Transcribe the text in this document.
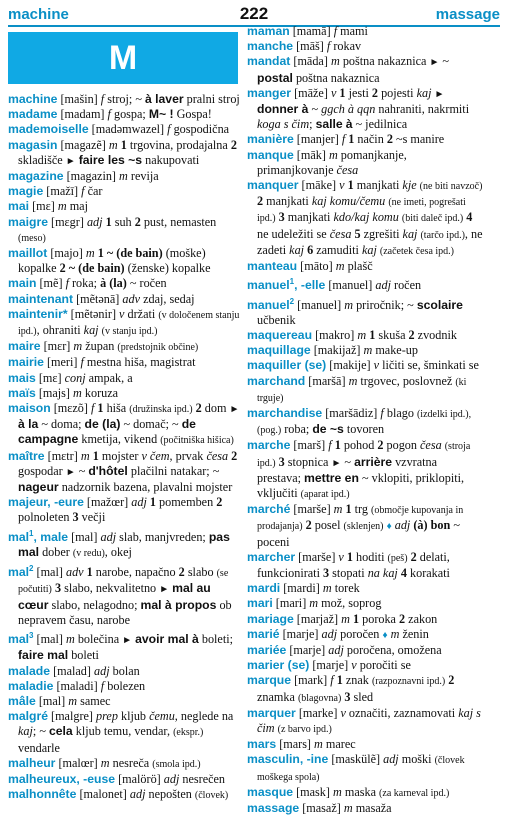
machine	222	massage
M
machine [mašin] f stroj; ~ à laver pralni stroj
madame [madam] f gospa; M~ ! Gospa!
mademoiselle [madəmwazel] f gospodična
magasin [magazẽ] m 1 trgovina, prodajalna 2 skladišče ► faire les ~s nakupovati
magazine [magazin] m revija
magie [mažī] f čar
mai [mɛ] m maj
maigre [mɛgr] adj 1 suh 2 pust, nemasten (meso)
maillot [majo] m 1 ~ (de bain) (moške) kopalke 2 ~ (de bain) (ženske) kopalke
main [mẽ] f roka; à (la) ~ ročen
maintenant [mẽtənā] adv zdaj, sedaj
maintenir* [mẽtənir] v držati (v določenem stanju ipd.), ohraniti kaj (v stanju ipd.)
maire [mɛr] m župan (predstojnik občine)
mairie [meri] f mestna hiša, magistrat
mais [mɛ] conj ampak, a
maïs [majs] m koruza
maison [mɛzõ] f 1 hiša (družinska ipd.) 2 dom ► à la ~ doma; de (la) ~ domač; ~ de campagne kmetija, vikend (počitniška hišica)
maître [mɛtr] m 1 mojster v čem, prvak česa 2 gospodar ► ~ d'hôtel plačilni natakar; ~ nageur nadzornik bazena, plavalni mojster
majeur, -eure [mažœr] adj 1 pomemben 2 polnoleten 3 večji
mal$^1$, male [mal] adj slab, manjvreden; pas mal dober (v redu), okej
mal$^2$ [mal] adv 1 narobe, napačno 2 slabo (se počutiti) 3 slabo, nekvalitetno ► mal au cœur slabo, nelagodno; mal à propos ob nepravem času, narobe
mal$^3$ [mal] m bolečina ► avoir mal à boleti; faire mal boleti
malade [malad] adj bolan
maladie [maladi] f bolezen
mâle [mal] m samec
malgré [malgre] prep kljub čemu, neglede na kaj; ~ cela kljub temu, vendar, (ekspr.) vendarle
malheur [malœr] m nesreča (smola ipd.)
malheureux, -euse [malörö] adj nesrečen
malhonnête [malonet] adj nepošten (človek)
maman [mamā] f mami
manche [māš] f rokav
mandat [māda] m poštna nakaznica ► ~ postal poštna nakaznica
manger [māže] v 1 jesti 2 pojesti kaj ► donner à ~ ggch à qqn nahraniti, nakrmiti koga s čim; salle à ~ jedilnica
manière [manjer] f 1 način 2 ~s manire
manque [māk] m pomanjkanje, primanjkovanje česa
manquer [māke] v 1 manjkati kje (ne biti navzoč) 2 manjkati kaj komu/čemu (ne imeti, pogrešati ipd.) 3 manjkati kdo/kaj komu (biti daleč ipd.) 4 ne udeležiti se česa 5 zgrešiti kaj (tarčo ipd.), ne zadeti kaj 6 zamuditi kaj (začetek česa ipd.)
manteau [māto] m plašč
manuel$^1$, -elle [manuel] adj ročen
manuel$^2$ [manuel] m priročnik; ~ scolaire učbenik
maquereau [makro] m 1 skuša 2 zvodnik
maquillage [makijaž] m make-up
maquiller (se) [makije] v ličiti se, šminkati se
marchand [maršā] m trgovec, poslovnež (ki trguje)
marchandise [maršādiz] f blago (izdelki ipd.), (pog.) roba; de ~s tovoren
marche [marš] f 1 pohod 2 pogon česa (stroja ipd.) 3 stopnica ► ~ arrière vzvratna prestava; mettre en ~ vklopiti, priklopiti, vključiti (aparat ipd.)
marché [marše] m 1 trg (območje kupovanja in prodajanja) 2 posel (sklenjen) ♦ adj (à) bon ~ poceni
marcher [marše] v 1 hoditi (peš) 2 delati, funkcionirati 3 stopati na kaj 4 korakati
mardi [mardi] m torek
mari [mari] m mož, soprog
mariage [marjaž] m 1 poroka 2 zakon
marié [marje] adj poročen ♦ m ženin
mariée [marje] adj poročena, omožena
marier (se) [marje] v poročiti se
marque [mark] f 1 znak (razpoznavni ipd.) 2 znamka (blagovna) 3 sled
marquer [marke] v označiti, zaznamovati kaj s čim (z barvo ipd.)
mars [mars] m marec
masculin, -ine [maskülẽ] adj moški (človek moškega spola)
masque [mask] m maska (za karneval ipd.)
massage [masaž] m masaža
